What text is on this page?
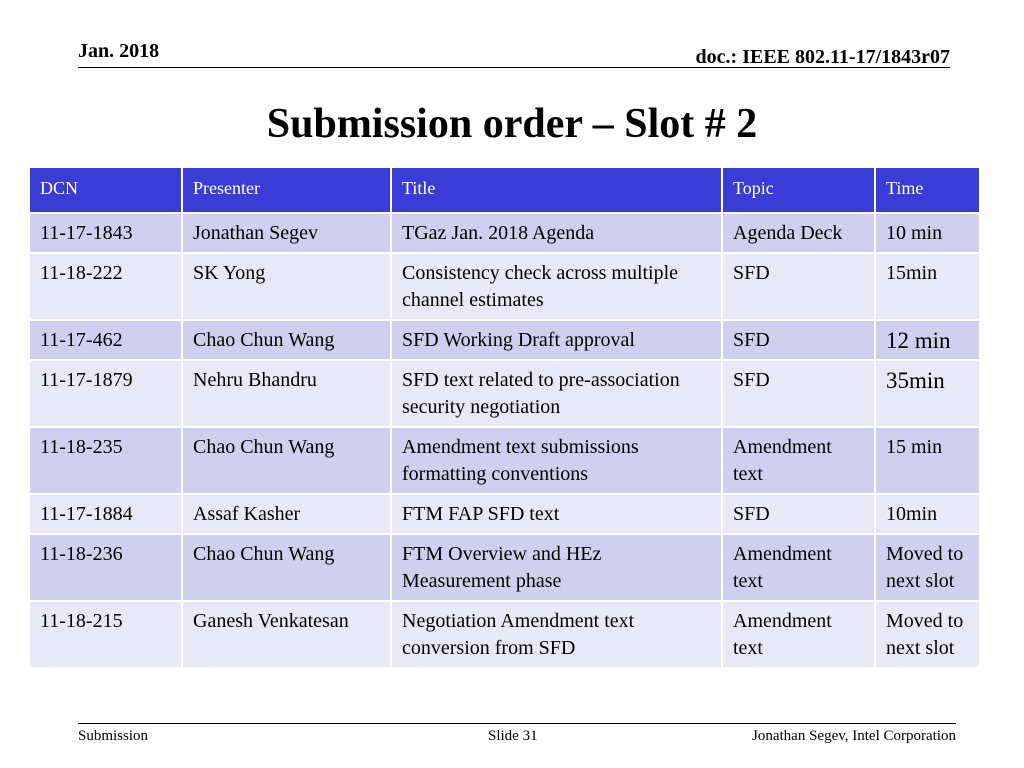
Jan. 2018	doc.: IEEE 802.11-17/1843r07
Submission order – Slot # 2
DCN	Presenter	Title	Topic	Time
11-17-1843	Jonathan Segev	TGaz Jan. 2018 Agenda	Agenda Deck	10 min
11-18-222	SK Yong	Consistency check across multiple channel estimates	SFD	15min
11-17-462	Chao Chun Wang	SFD Working Draft approval	SFD	12 min
11-17-1879	Nehru Bhandru	SFD text related to pre-association security negotiation	SFD	35min
11-18-235	Chao Chun Wang	Amendment text submissions formatting conventions	Amendment text	15 min
11-17-1884	Assaf Kasher	FTM FAP SFD text	SFD	10min
11-18-236	Chao Chun Wang	FTM Overview and HEz Measurement phase	Amendment text	Moved to next slot
11-18-215	Ganesh Venkatesan	Negotiation Amendment text conversion from SFD	Amendment text	Moved to next slot
Submission	Slide 31	Jonathan Segev, Intel Corporation
